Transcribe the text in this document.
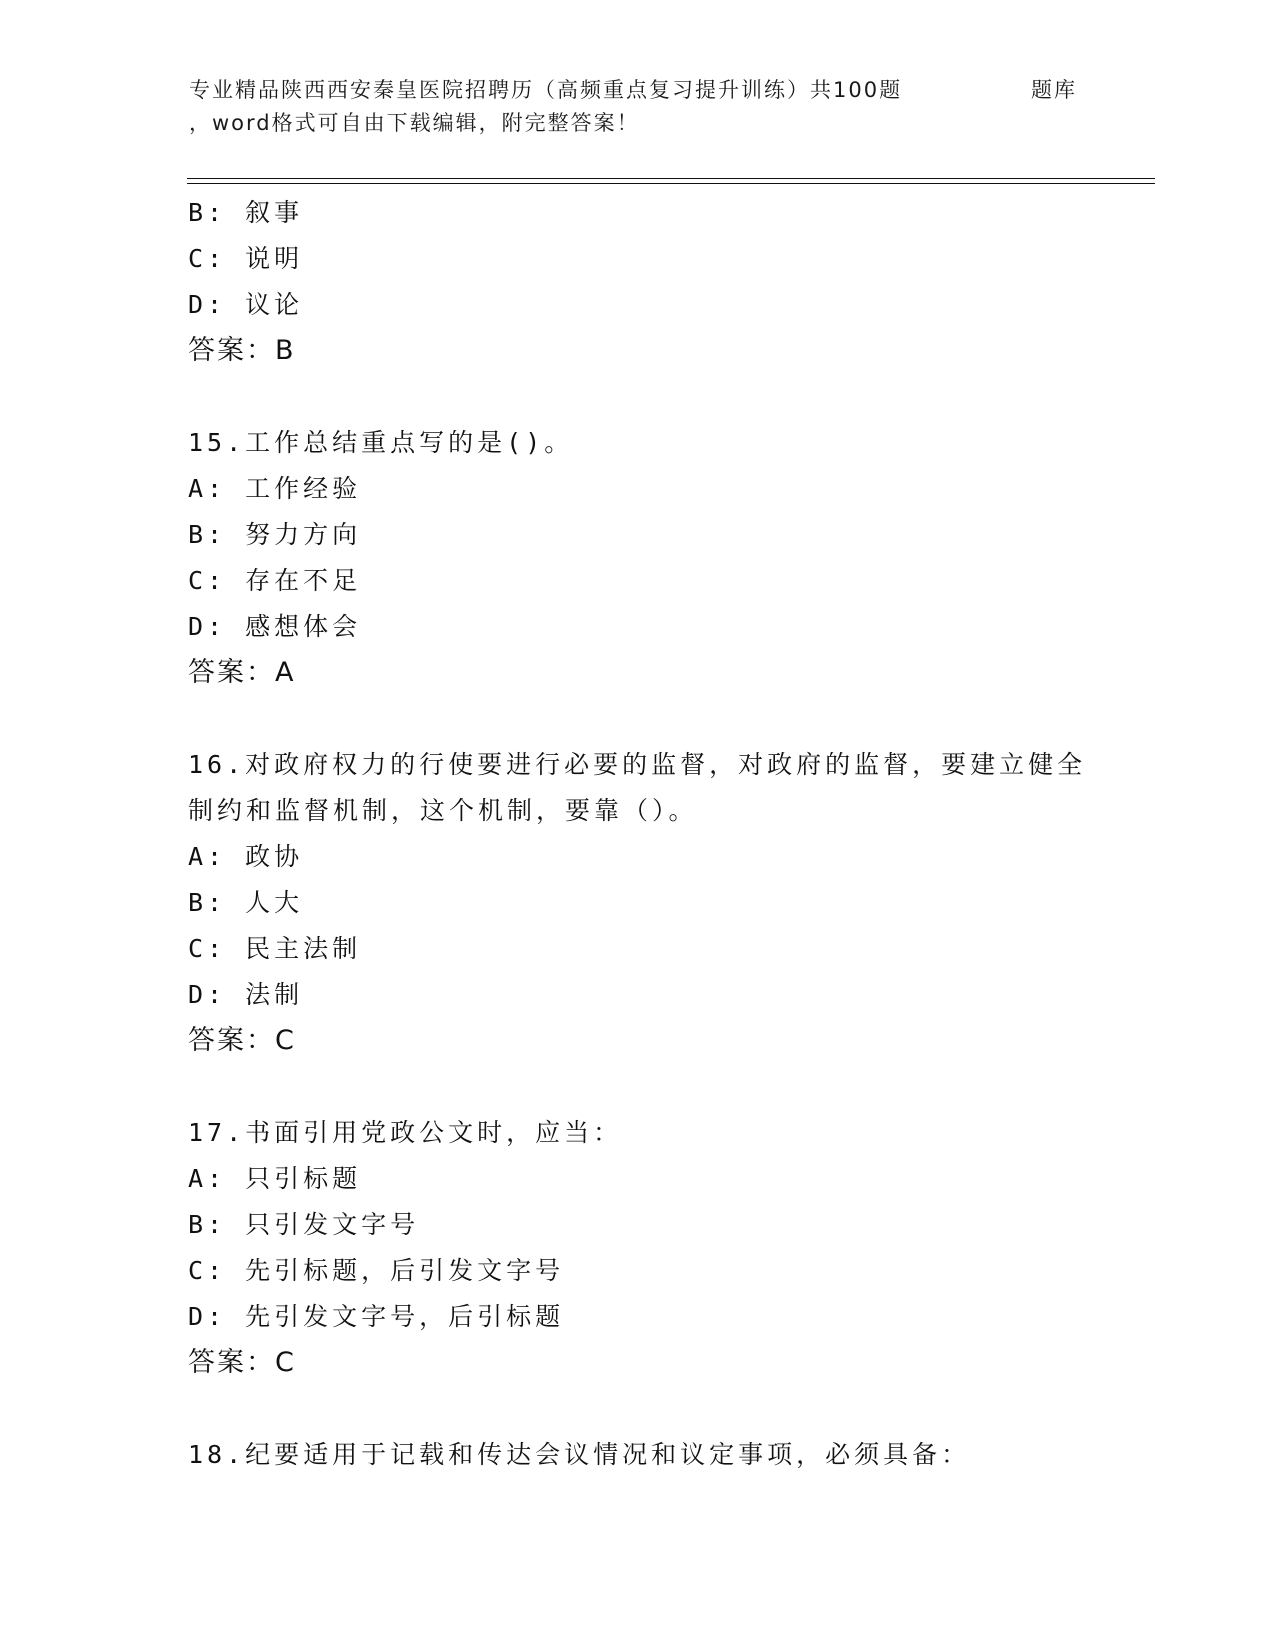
专业精品陕西西安秦皇医院招聘历（高频重点复习提升训练）共100题	题库
，word格式可自由下载编辑，附完整答案！
B: 叙事
C: 说明
D: 议论
答案：B
15.工作总结重点写的是()。
A: 工作经验
B: 努力方向
C: 存在不足
D: 感想体会
答案：A
16.对政府权力的行使要进行必要的监督，对政府的监督，要建立健全
制约和监督机制，这个机制，要靠（）。
A: 政协
B: 人大
C: 民主法制
D: 法制
答案：C
17.书面引用党政公文时，应当：
A: 只引标题
B: 只引发文字号
C: 先引标题，后引发文字号
D: 先引发文字号，后引标题
答案：C
18.纪要适用于记载和传达会议情况和议定事项，必须具备：
